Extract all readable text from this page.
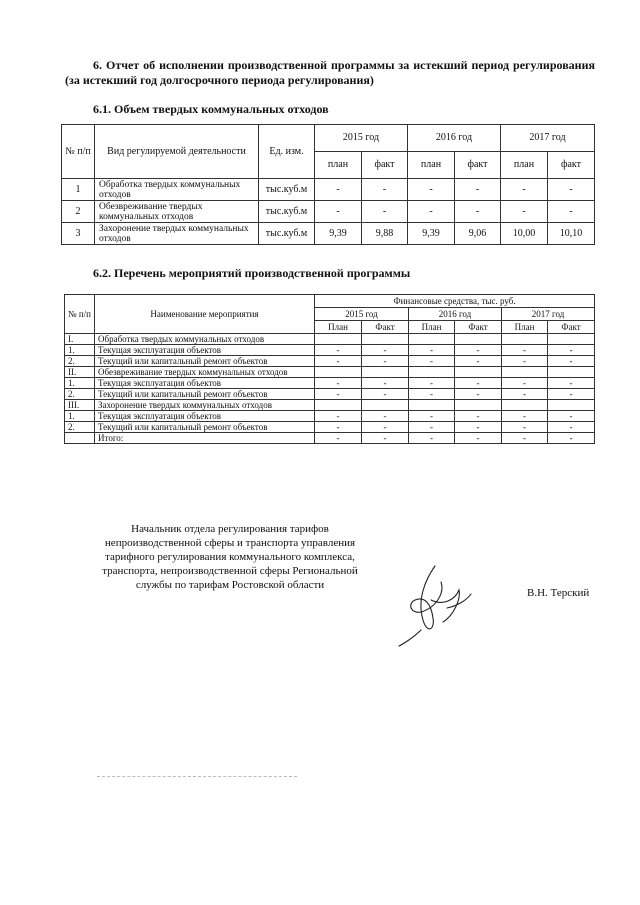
6. Отчет об исполнении производственной программы за истекший период регулирования (за истекший год долгосрочного периода регулирования)
6.1. Объем твердых коммунальных отходов
№ п/п	Вид регулируемой деятельности	Ед. изм.	2015 год		2016 год		2017 год	
			план	факт	план	факт	план	факт
1	Обработка твердых коммунальных отходов	тыс.куб.м	-	-	-	-	-	-
2	Обезвреживание твердых коммунальных отходов	тыс.куб.м	-	-	-	-	-	-
3	Захоронение твердых коммунальных отходов	тыс.куб.м	9,39	9,88	9,39	9,06	10,00	10,10
6.2. Перечень мероприятий производственной программы
№ п/п	Наименование мероприятия	Финансовые средства, тыс. руб.					
		2015 год		2016 год		2017 год	
		План	Факт	План	Факт	План	Факт
I.	Обработка твердых коммунальных отходов						
1.	Текущая эксплуатация объектов	-	-	-	-	-	-
2.	Текущий или капитальный ремонт объектов	-	-	-	-	-	-
II.	Обезвреживание твердых коммунальных отходов						
1.	Текущая эксплуатация объектов	-	-	-	-	-	-
2.	Текущий или капитальный ремонт объектов	-	-	-	-	-	-
III.	Захоронение твердых коммунальных отходов						
1.	Текущая эксплуатация объектов	-	-	-	-	-	-
2.	Текущий или капитальный ремонт объектов	-	-	-	-	-	-
	Итого:	-	-	-	-	-	-
Начальник отдела регулирования тарифов
непроизводственной сферы и транспорта управления
тарифного регулирования коммунального комплекса,
транспорта, непроизводственной сферы Региональной
службы по тарифам Ростовской области
В.Н. Терский
